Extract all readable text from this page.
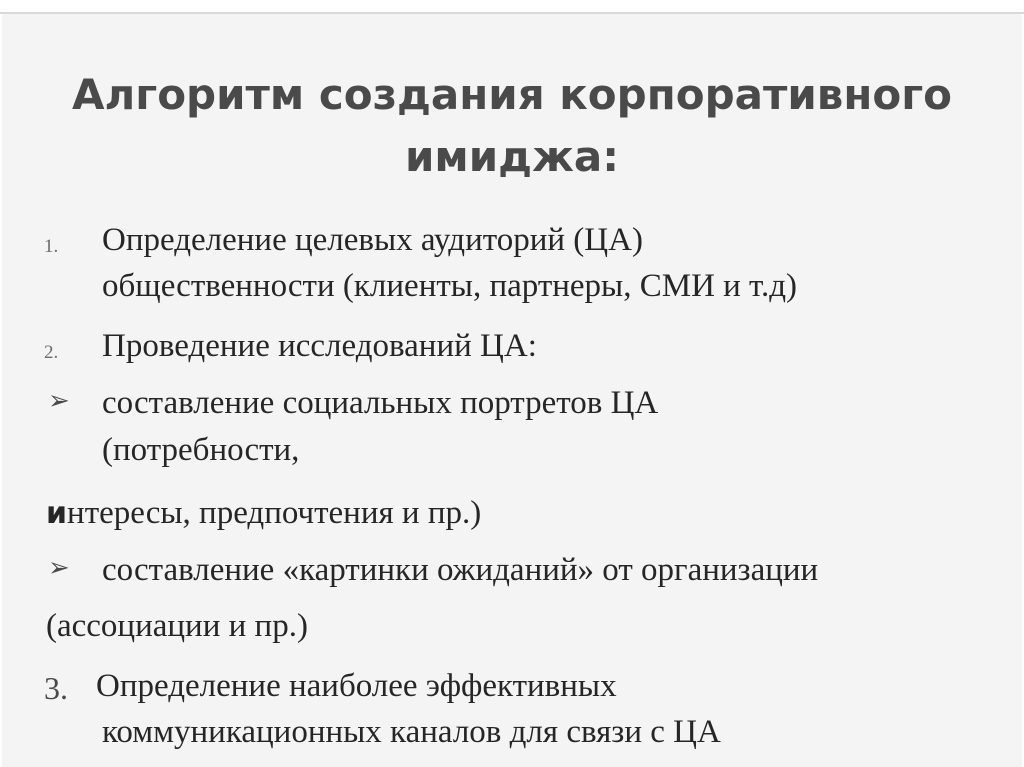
Алгоритм создания корпоративного имиджа:
1. Определение целевых аудиторий (ЦА)
общественности (клиенты, партнеры, СМИ и т.д)
2. Проведение исследований ЦА:
➢ составление социальных портретов ЦА
(потребности,
интересы, предпочтения и пр.)
➢ составление «картинки ожиданий» от организации
(ассоциации и пр.)
3. Определение наиболее эффективных
коммуникационных каналов для связи с ЦА
